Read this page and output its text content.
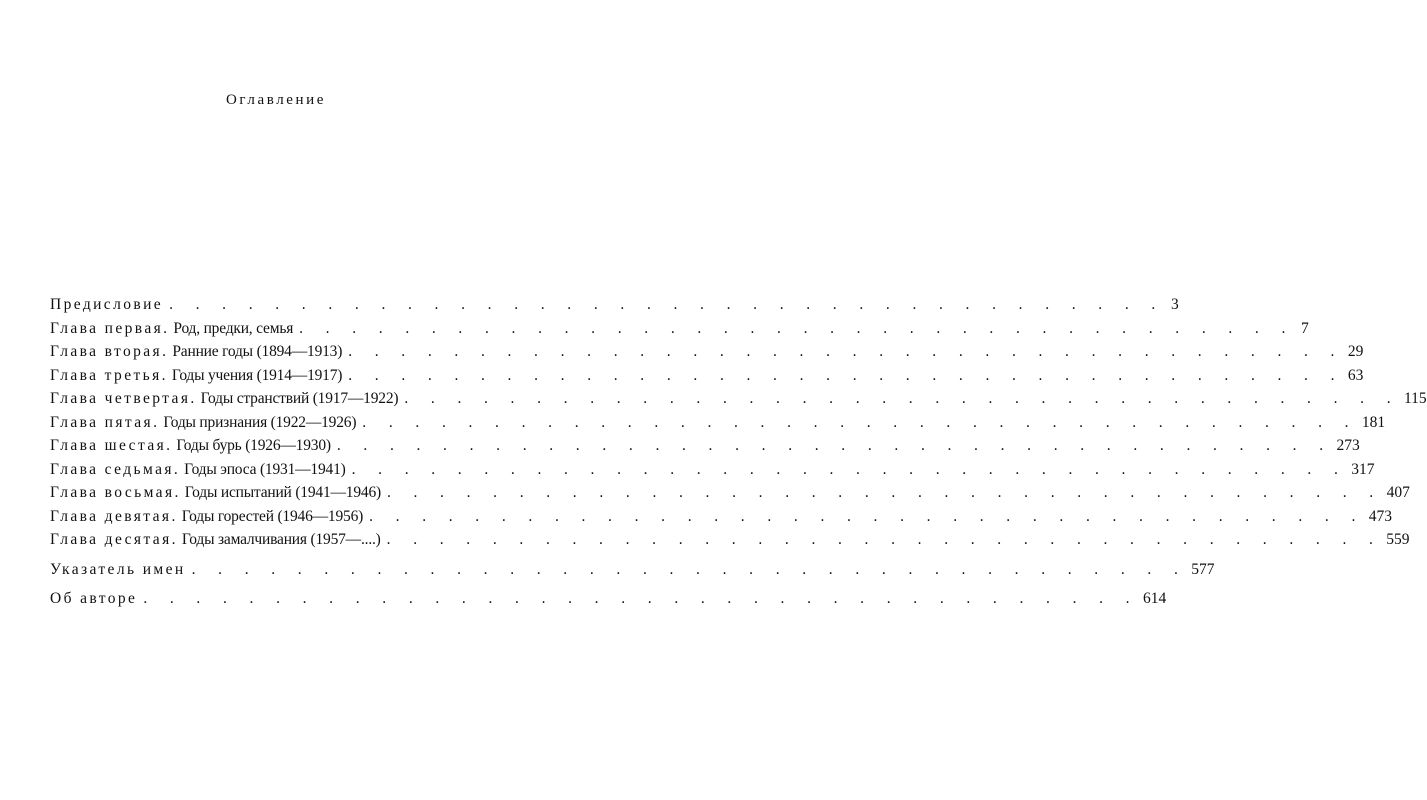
Оглавление
Предисловие . . . . . . . . . . . . . . . . . . . . . . . . . . . . . . . . . . . . . . 3
Глава первая. Род, предки, семья . . . . . . . . . . . . . . . . . . . . . . . . . . . . . . . . . . . . . . 7
Глава вторая. Ранние годы (1894—1913) . . . . . . . . . . . . . . . . . . . . . . . . . . . . . . . . . . . . . . 29
Глава третья. Годы учения (1914—1917) . . . . . . . . . . . . . . . . . . . . . . . . . . . . . . . . . . . . . . 63
Глава четвертая. Годы странствий (1917—1922) . . . . . . . . . . . . . . . . . . . . . . . . . . . . . . . . . . . . . . 115
Глава пятая. Годы признания (1922—1926) . . . . . . . . . . . . . . . . . . . . . . . . . . . . . . . . . . . . . . 181
Глава шестая. Годы бурь (1926—1930) . . . . . . . . . . . . . . . . . . . . . . . . . . . . . . . . . . . . . . 273
Глава седьмая. Годы эпоса (1931—1941) . . . . . . . . . . . . . . . . . . . . . . . . . . . . . . . . . . . . . . 317
Глава восьмая. Годы испытаний (1941—1946) . . . . . . . . . . . . . . . . . . . . . . . . . . . . . . . . . . . . . . 407
Глава девятая. Годы горестей (1946—1956) . . . . . . . . . . . . . . . . . . . . . . . . . . . . . . . . . . . . . . 473
Глава десятая. Годы замалчивания (1957—....) . . . . . . . . . . . . . . . . . . . . . . . . . . . . . . . . . . . . . . 559
Указатель имен . . . . . . . . . . . . . . . . . . . . . . . . . . . . . . . . . . . . . . 577
Об авторе . . . . . . . . . . . . . . . . . . . . . . . . . . . . . . . . . . . . . . 614
